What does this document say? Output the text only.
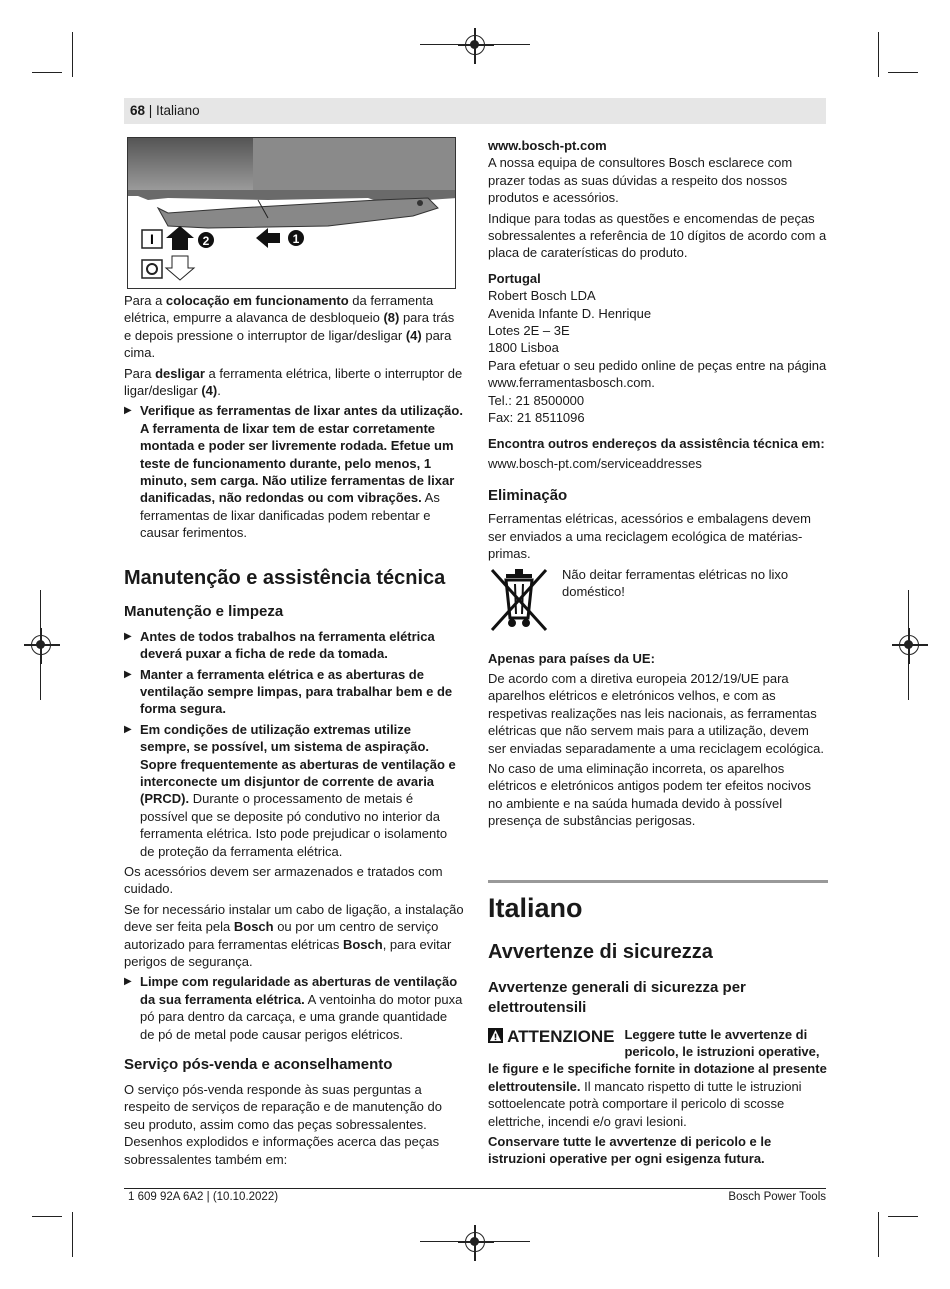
68 | Italiano
I	2	1

Para a colocação em funcionamento da ferramenta elétrica, empurre a alavanca de desbloqueio (8) para trás e depois pressione o interruptor de ligar/desligar (4) para cima.

Para desligar a ferramenta elétrica, liberte o interruptor de ligar/desligar (4).

▶ Verifique as ferramentas de lixar antes da utilização. A ferramenta de lixar tem de estar corretamente montada e poder ser livremente rodada. Efetue um teste de funcionamento durante, pelo menos, 1 minuto, sem carga. Não utilize ferramentas de lixar danificadas, não redondas ou com vibrações. As ferramentas de lixar danificadas podem rebentar e causar ferimentos.
Manutenção e assistência técnica
Manutenção e limpeza
▶ Antes de todos trabalhos na ferramenta elétrica deverá puxar a ficha de rede da tomada.
▶ Manter a ferramenta elétrica e as aberturas de ventilação sempre limpas, para trabalhar bem e de forma segura.
▶ Em condições de utilização extremas utilize sempre, se possível, um sistema de aspiração. Sopre frequentemente as aberturas de ventilação e interconecte um disjuntor de corrente de avaria (PRCD). Durante o processamento de metais é possível que se deposite pó condutivo no interior da ferramenta elétrica. Isto pode prejudicar o isolamento de proteção da ferramenta elétrica.

Os acessórios devem ser armazenados e tratados com cuidado.

Se for necessário instalar um cabo de ligação, a instalação deve ser feita pela Bosch ou por um centro de serviço autorizado para ferramentas elétricas Bosch, para evitar perigos de segurança.

▶ Limpe com regularidade as aberturas de ventilação da sua ferramenta elétrica. A ventoinha do motor puxa pó para dentro da carcaça, e uma grande quantidade de pó de metal pode causar perigos elétricos.
Serviço pós-venda e aconselhamento

O serviço pós-venda responde às suas perguntas a respeito de serviços de reparação e de manutenção do seu produto, assim como das peças sobressalentes. Desenhos explodidos e informações acerca das peças sobressalentes também em:

www.bosch-pt.com

A nossa equipa de consultores Bosch esclarece com prazer todas as suas dúvidas a respeito dos nossos produtos e acessórios.

Indique para todas as questões e encomendas de peças sobressalentes a referência de 10 dígitos de acordo com a placa de caraterísticas do produto.

Portugal

Robert Bosch LDA
Avenida Infante D. Henrique
Lotes 2E – 3E
1800 Lisboa
Para efetuar o seu pedido online de peças entre na página www.ferramentasbosch.com.
Tel.: 21 8500000
Fax: 21 8511096

Encontra outros endereços da assistência técnica em:

www.bosch-pt.com/serviceaddresses

Eliminação

Ferramentas elétricas, acessórios e embalagens devem ser enviados a uma reciclagem ecológica de matérias-primas.

Não deitar ferramentas elétricas no lixo doméstico!

Apenas para países da UE:

De acordo com a diretiva europeia 2012/19/UE para aparelhos elétricos e eletrónicos velhos, e com as respetivas realizações nas leis nacionais, as ferramentas elétricas que não servem mais para a utilização, devem ser enviadas separadamente a uma reciclagem ecológica.

No caso de uma eliminação incorreta, os aparelhos elétricos e eletrónicos antigos podem ter efeitos nocivos no ambiente e na saúda humada devido à possível presença de substâncias perigosas.

Italiano
Avvertenze di sicurezza
Avvertenze generali di sicurezza per elettroutensili

ATTENZIONE Leggere tutte le avvertenze di pericolo, le istruzioni operative, le figure e le specifiche fornite in dotazione al presente elettroutensile. Il mancato rispetto di tutte le istruzioni sottoelencate potrà comportare il pericolo di scosse elettriche, incendi e/o gravi lesioni.

Conservare tutte le avvertenze di pericolo e le istruzioni operative per ogni esigenza futura.

1 609 92A 6A2 | (10.10.2022)	Bosch Power Tools
